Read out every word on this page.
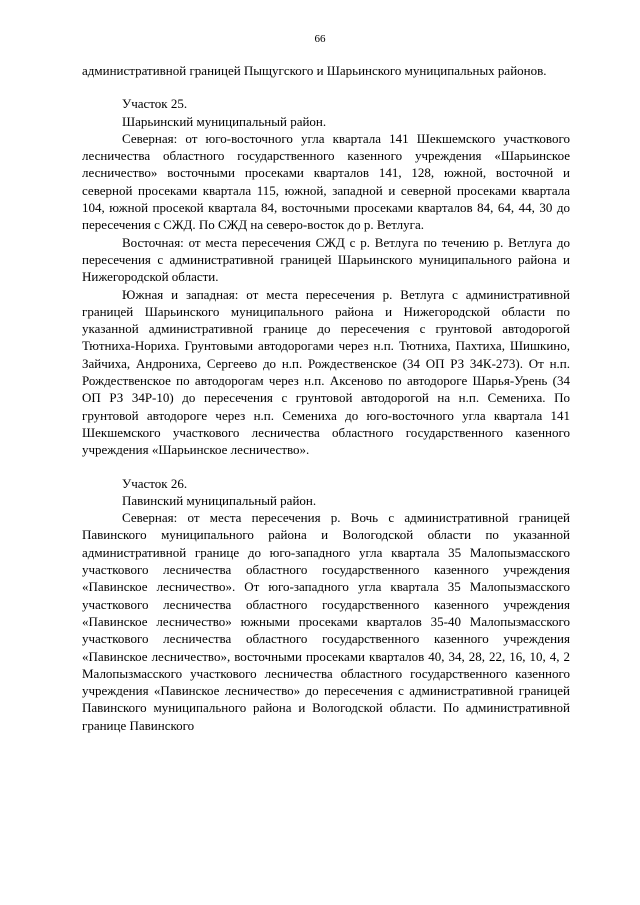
66

административной границей Пыщугского и Шарьинского муниципальных районов.

Участок 25.

Шарьинский муниципальный район.

Северная: от юго-восточного угла квартала 141 Шекшемского участкового лесничества областного государственного казенного учреждения «Шарьинское лесничество» восточными просеками кварталов 141, 128, южной, восточной и северной просеками квартала 115, южной, западной и северной просеками квартала 104, южной просекой квартала 84, восточными просеками кварталов 84, 64, 44, 30 до пересечения с СЖД. По СЖД на северо-восток до р. Ветлуга.

Восточная: от места пересечения СЖД с р. Ветлуга по течению р. Ветлуга до пересечения с административной границей Шарьинского муниципального района и Нижегородской области.

Южная и западная: от места пересечения р. Ветлуга с административной границей Шарьинского муниципального района и Нижегородской области по указанной административной границе до пересечения с грунтовой автодорогой Тютниха-Нориха. Грунтовыми автодорогами через н.п. Тютниха, Пахтиха, Шишкино, Зайчиха, Андрониха, Сергеево до н.п. Рождественское (34 ОП РЗ 34К-273). От н.п. Рождественское по автодорогам через н.п. Аксеново по автодороге Шарья-Урень (34 ОП РЗ 34Р-10) до пересечения с грунтовой автодорогой на н.п. Семениха. По грунтовой автодороге через н.п. Семениха до юго-восточного угла квартала 141 Шекшемского участкового лесничества областного государственного казенного учреждения «Шарьинское лесничество».

Участок 26.

Павинский муниципальный район.

Северная: от места пересечения р. Вочь с административной границей Павинского муниципального района и Вологодской области по указанной административной границе до юго-западного угла квартала 35 Малопызмасского участкового лесничества областного государственного казенного учреждения «Павинское лесничество». От юго-западного угла квартала 35 Малопызмасского участкового лесничества областного государственного казенного учреждения «Павинское лесничество» южными просеками кварталов 35-40 Малопызмасского участкового лесничества областного государственного казенного учреждения «Павинское лесничество», восточными просеками кварталов 40, 34, 28, 22, 16, 10, 4, 2 Малопызмасского участкового лесничества областного государственного казенного учреждения «Павинское лесничество» до пересечения с административной границей Павинского муниципального района и Вологодской области. По административной границе Павинского
